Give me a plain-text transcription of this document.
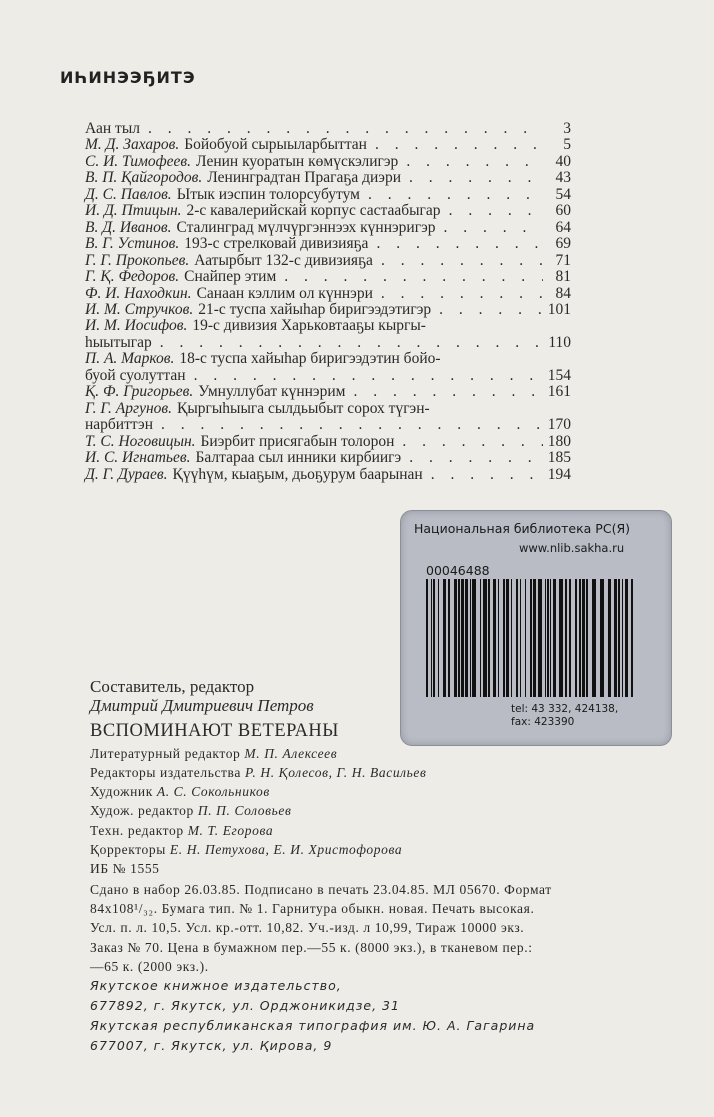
ИҺИНЭЭҔИТЭ
Аан тыл . . .	3
М. Д. Захаров. Бойобуой сырыыларбыттан . . .	5
С. И. Тимофеев. Ленин куоратын көмүскэлигэр . . .	40
В. П. Қайгородов. Ленинградтан Прагаҕа диэри . . .	43
Д. С. Павлов. Ытык иэспин толорсубутум . . .	54
И. Д. Птицын. 2-с кавалерийскай корпус састаабыгар . . .	60
В. Д. Иванов. Сталинград мүлчүргэннээх күннэригэр . . .	64
В. Г. Устинов. 193-с стрелковай дивизияҕа . . .	69
Г. Г. Прокопьев. Аатырбыт 132-с дивизияҕа . . .	71
Г. Қ. Федоров. Снайпер этим . . .	81
Ф. И. Находкин. Санаан кэллим ол күннэри . . .	84
И. М. Стручков. 21-с туспа хайыһар биригээдэтигэр . . .	101
И. М. Иосифов. 19-с дивизия Харьковтааҕы кыргы-
һыытыгар . . .	110
П. А. Марков. 18-с туспа хайыһар биригээдэтин бойо-
буой суолуттан . . .	154
Қ. Ф. Григорьев. Умнуллубат күннэрим . . .	161
Г. Г. Аргунов. Қыргыһыыга сылдьыбыт сорох түгэн-
нарбиттэн . . .	170
Т. С. Ноговицын. Биэрбит присягабын толорон . . .	180
И. С. Игнатьев. Балтараа сыл инники кирбиигэ . . .	185
Д. Г. Дураев. Қүүһүм, кыаҕым, дьоҕурум баарынан . . .	194
Национальная библиотека РС(Я)
www.nlib.sakha.ru
00046488
tel: 43 332, 424138,
fax: 423390
Составитель, редактор
Дмитрий Дмитриевич Петров
ВСПОМИНАЮТ ВЕТЕРАНЫ
Литературный редактор М. П. Алексеев
Редакторы издательства Р. Н. Қолесов, Г. Н. Васильев
Художник А. С. Сокольников
Худож. редактор П. П. Соловьев
Техн. редактор М. Т. Егорова
Қорректоры Е. Н. Петухова, Е. И. Христофорова
ИБ № 1555
Сдано в набор 26.03.85. Подписано в печать 23.04.85. МЛ 05670. Формат
84х108¹/₃₂. Бумага тип. № 1. Гарнитура обыкн. новая. Печать высокая.
Усл. п. л. 10,5. Усл. кр.-отт. 10,82. Уч.-изд. л 10,99, Тираж 10000 экз.
Заказ № 70. Цена в бумажном пер.—55 к. (8000 экз.), в тканевом пер.:
—65 к. (2000 экз.).
Якутское книжное издательство,
677892, г. Якутск, ул. Орджоникидзе, 31
Якутская республиканская типография им. Ю. А. Гагарина
677007, г. Якутск, ул. Қирова, 9
